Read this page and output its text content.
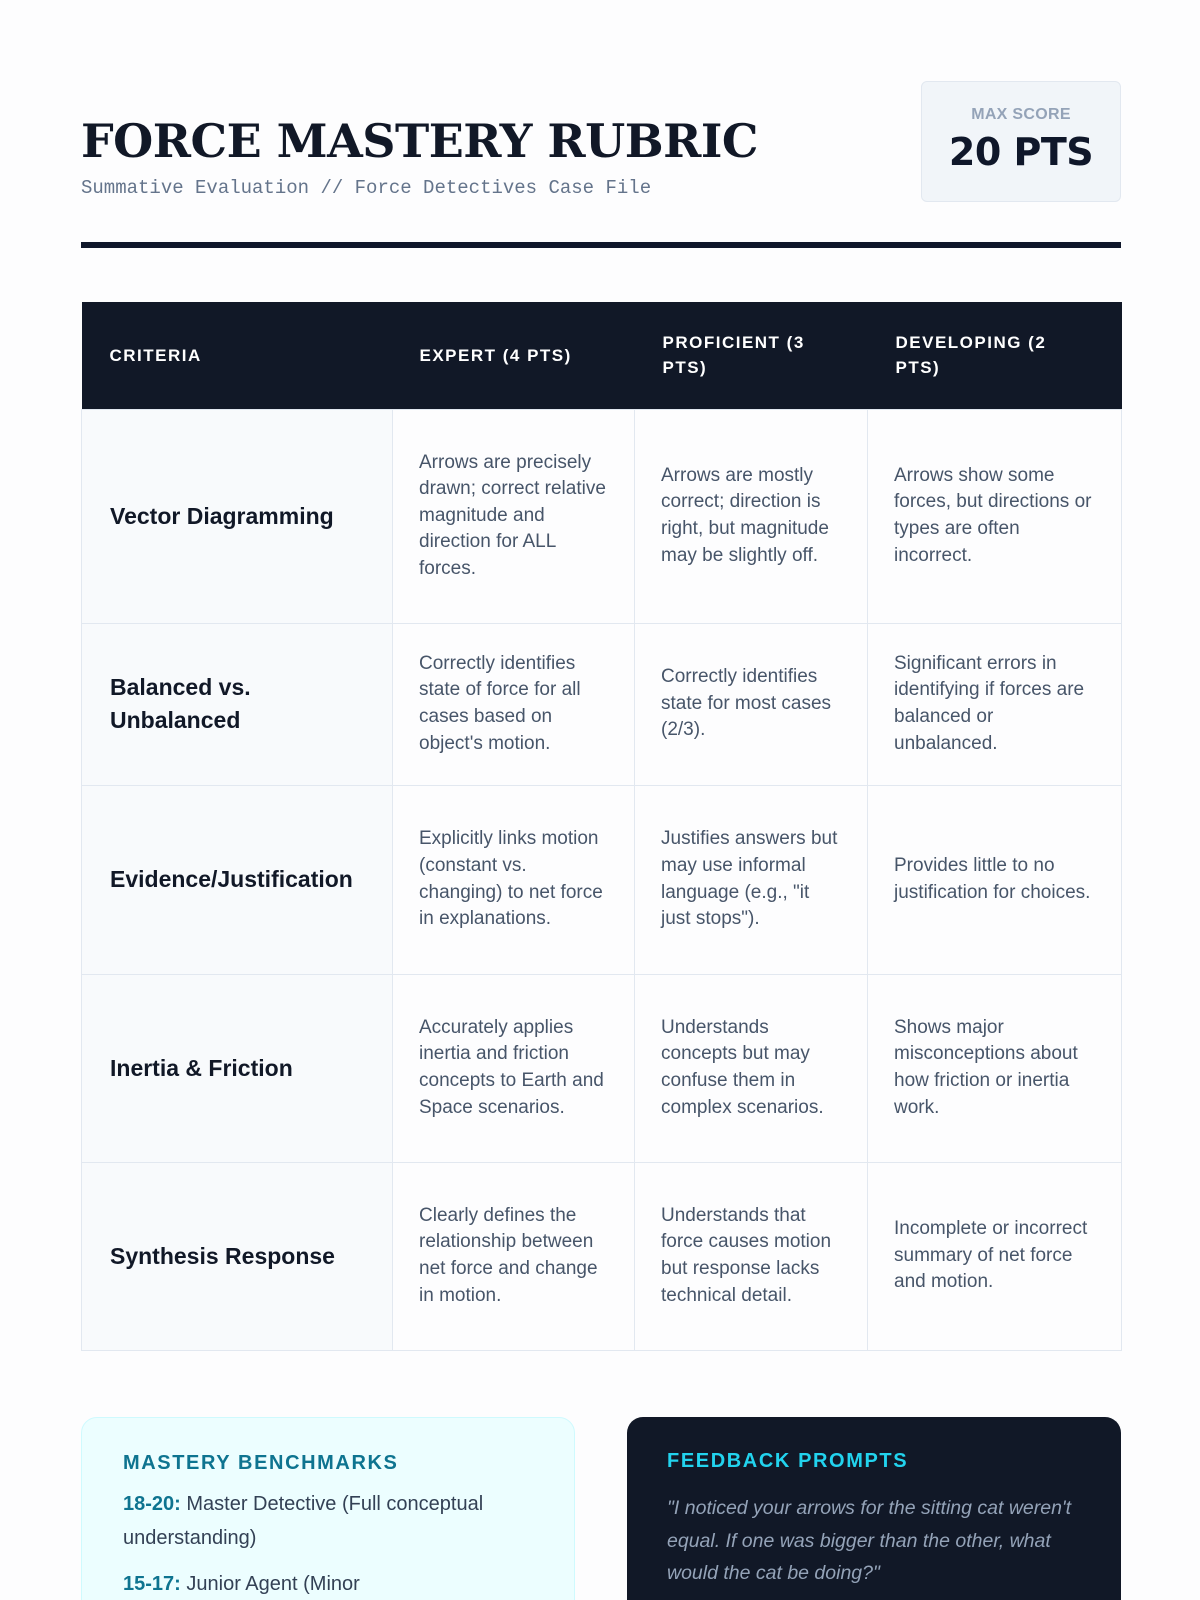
FORCE MASTERY RUBRIC
Summative Evaluation // Force Detectives Case File
MAX SCORE
20 PTS
CRITERIA	EXPERT (4 PTS)	PROFICIENT (3 PTS)	DEVELOPING (2 PTS)
Vector Diagramming	Arrows are precisely drawn; correct relative magnitude and direction for ALL forces.	Arrows are mostly correct; direction is right, but magnitude may be slightly off.	Arrows show some forces, but directions or types are often incorrect.
Balanced vs. Unbalanced	Correctly identifies state of force for all cases based on object's motion.	Correctly identifies state for most cases (2/3).	Significant errors in identifying if forces are balanced or unbalanced.
Evidence/Justification	Explicitly links motion (constant vs. changing) to net force in explanations.	Justifies answers but may use informal language (e.g., "it just stops").	Provides little to no justification for choices.
Inertia & Friction	Accurately applies inertia and friction concepts to Earth and Space scenarios.	Understands concepts but may confuse them in complex scenarios.	Shows major misconceptions about how friction or inertia work.
Synthesis Response	Clearly defines the relationship between net force and change in motion.	Understands that force causes motion but response lacks technical detail.	Incomplete or incorrect summary of net force and motion.
MASTERY BENCHMARKS
18-20: Master Detective (Full conceptual understanding)
15-17: Junior Agent (Minor
FEEDBACK PROMPTS
"I noticed your arrows for the sitting cat weren't equal. If one was bigger than the other, what would the cat be doing?"
